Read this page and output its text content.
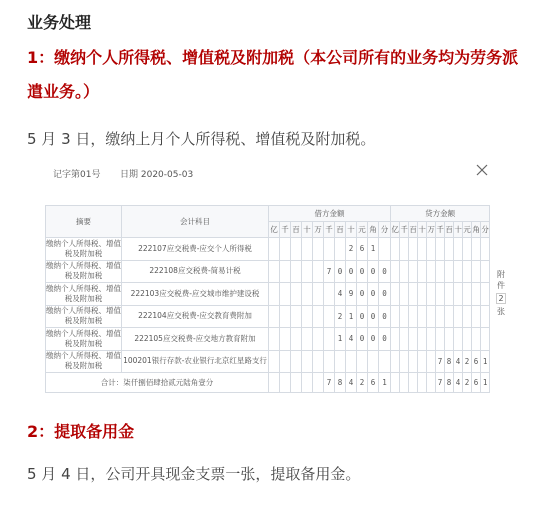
业务处理
1：缴纳个人所得税、增值税及附加税（本公司所有的业务均为劳务派遣业务。）
5 月 3 日，缴纳上月个人所得税、增值税及附加税。
记字第01号 日期 2020-05-03
摘要	会计科目	借方金额											贷方金额										
		亿	千	百	十	万	千	百	十	元	角	分	亿	千	百	十	万	千	百	十	元	角	分
缴纳个人所得税、增值税及附加税	222107应交税费-应交个人所得税								2	6	1												
缴纳个人所得税、增值税及附加税	222108应交税费-简易计税						7	0	0	0	0	0											
缴纳个人所得税、增值税及附加税	222103应交税费-应交城市维护建设税							4	9	0	0	0											
缴纳个人所得税、增值税及附加税	222104应交税费-应交教育费附加							2	1	0	0	0											
缴纳个人所得税、增值税及附加税	222105应交税费-应交地方教育附加							1	4	0	0	0											
缴纳个人所得税、增值税及附加税	100201银行存款-农业银行北京红星路支行																	7	8	4	2	6	1
合计：柒仟捌佰肆拾贰元陆角壹分							7	8	4	2	6	1						7	8	4	2	6	1
附
件
2
张
2：提取备用金
5 月 4 日，公司开具现金支票一张，提取备用金。
